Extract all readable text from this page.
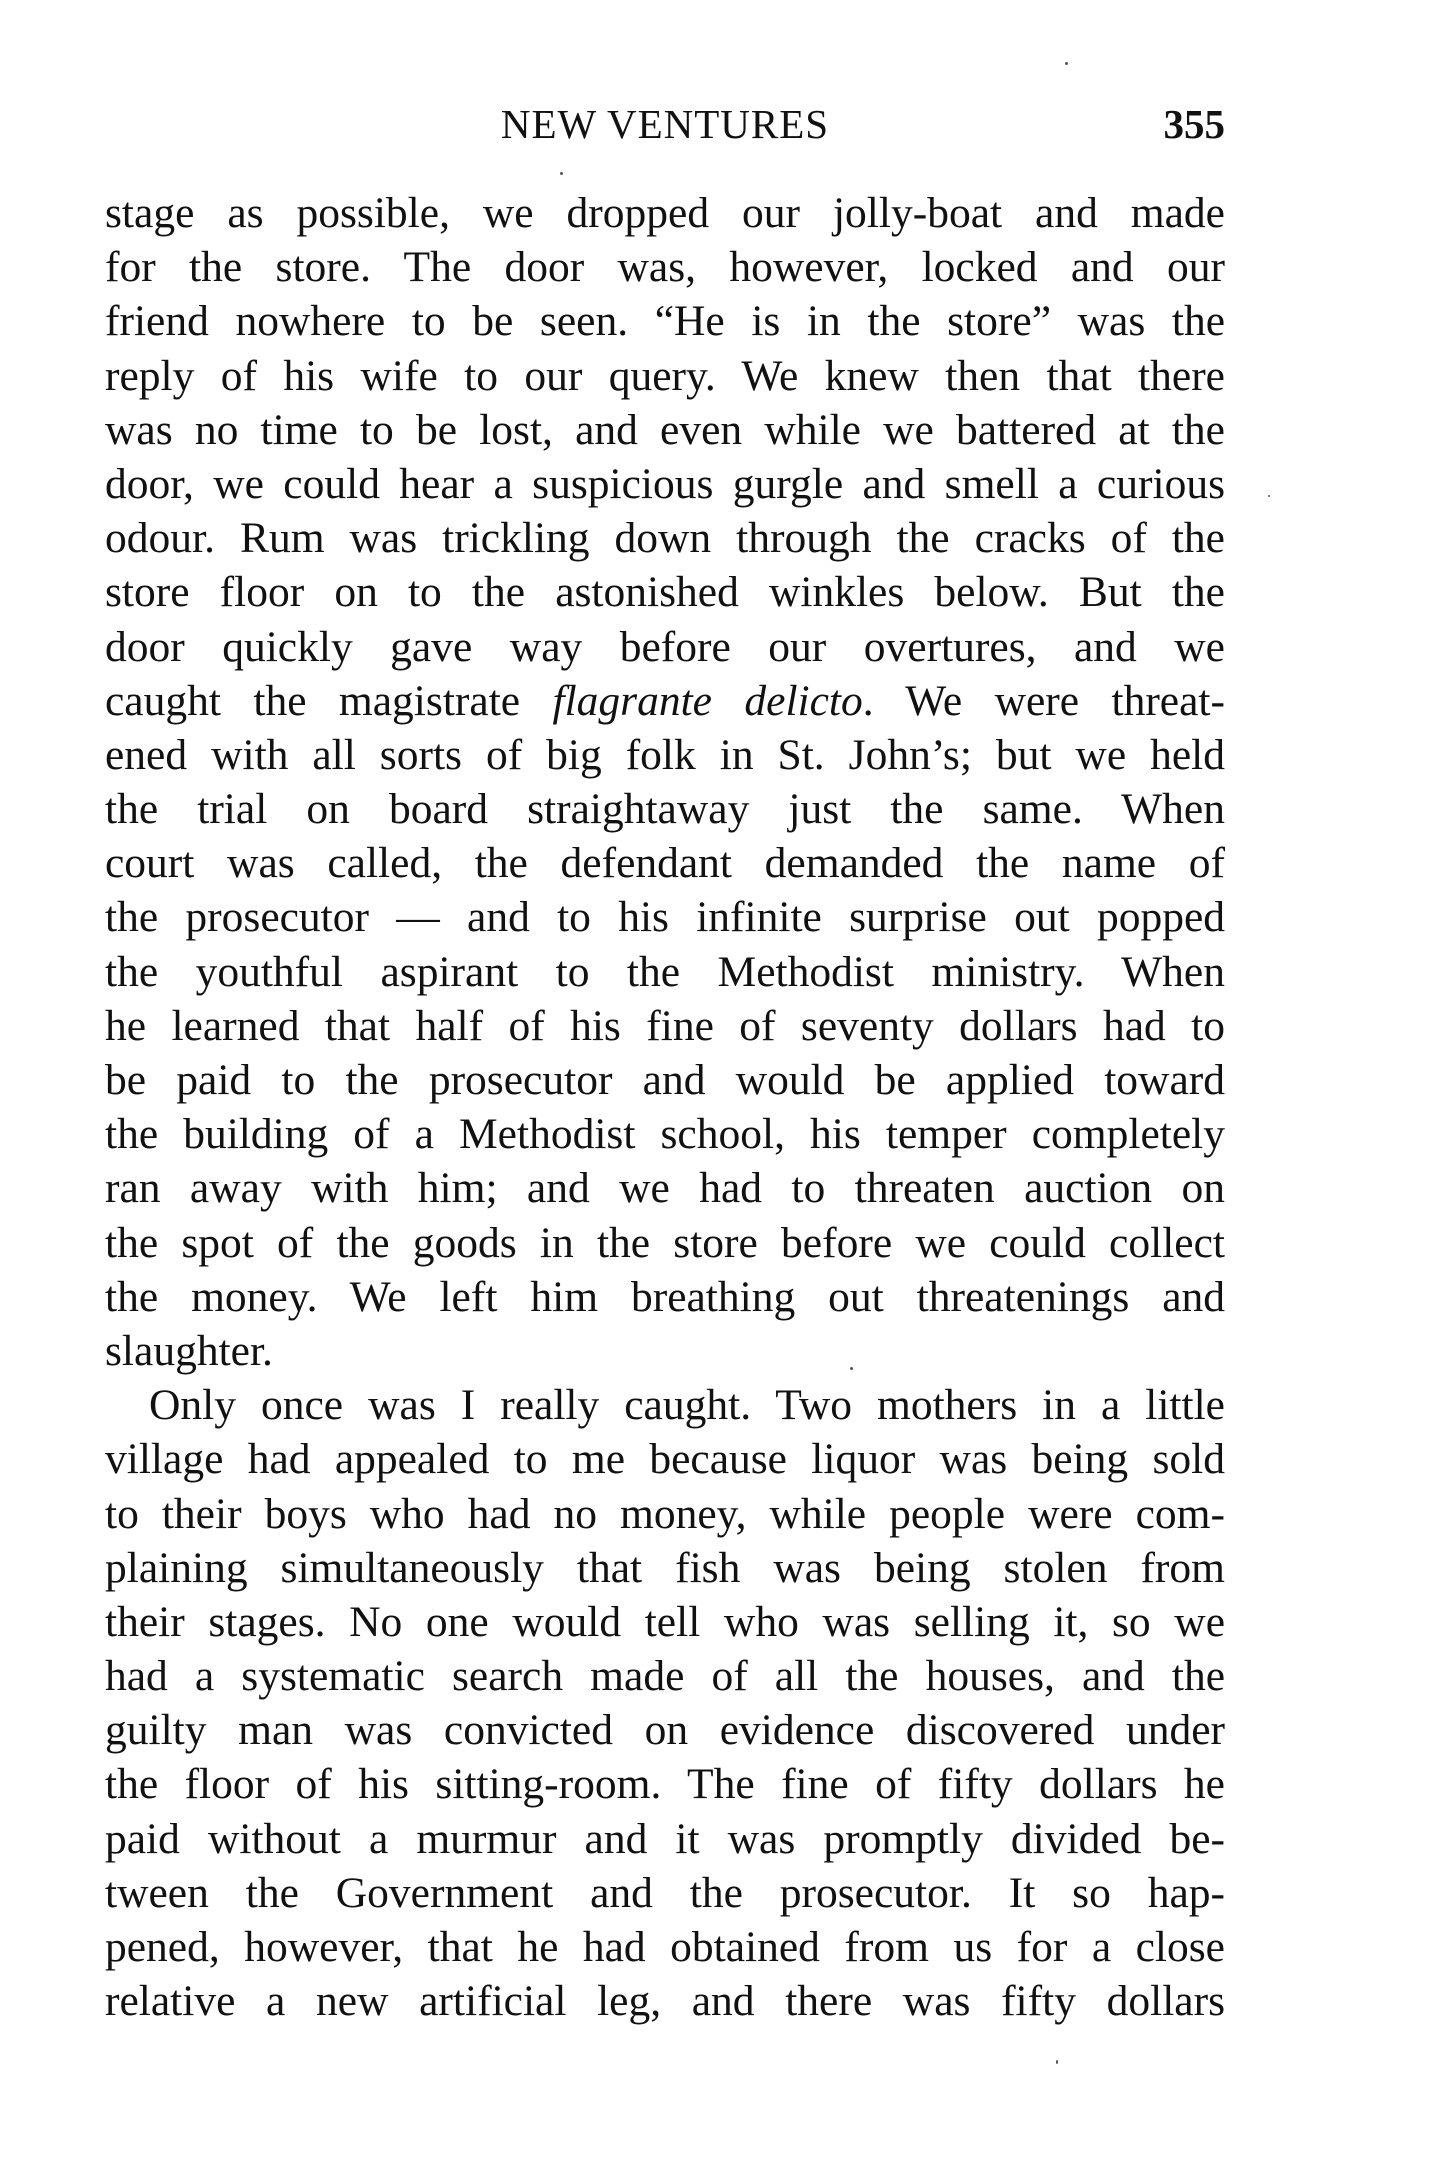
NEW VENTURES	355
stage as possible, we dropped our jolly-boat and made
for the store. The door was, however, locked and our
friend nowhere to be seen. “He is in the store” was the
reply of his wife to our query. We knew then that there
was no time to be lost, and even while we battered at the
door, we could hear a suspicious gurgle and smell a curious
odour. Rum was trickling down through the cracks of the
store floor on to the astonished winkles below. But the
door quickly gave way before our overtures, and we
caught the magistrate flagrante delicto. We were threat-
ened with all sorts of big folk in St. John’s; but we held
the trial on board straightaway just the same. When
court was called, the defendant demanded the name of
the prosecutor — and to his infinite surprise out popped
the youthful aspirant to the Methodist ministry. When
he learned that half of his fine of seventy dollars had to
be paid to the prosecutor and would be applied toward
the building of a Methodist school, his temper completely
ran away with him; and we had to threaten auction on
the spot of the goods in the store before we could collect
the money. We left him breathing out threatenings and
slaughter.
Only once was I really caught. Two mothers in a little
village had appealed to me because liquor was being sold
to their boys who had no money, while people were com-
plaining simultaneously that fish was being stolen from
their stages. No one would tell who was selling it, so we
had a systematic search made of all the houses, and the
guilty man was convicted on evidence discovered under
the floor of his sitting-room. The fine of fifty dollars he
paid without a murmur and it was promptly divided be-
tween the Government and the prosecutor. It so hap-
pened, however, that he had obtained from us for a close
relative a new artificial leg, and there was fifty dollars
